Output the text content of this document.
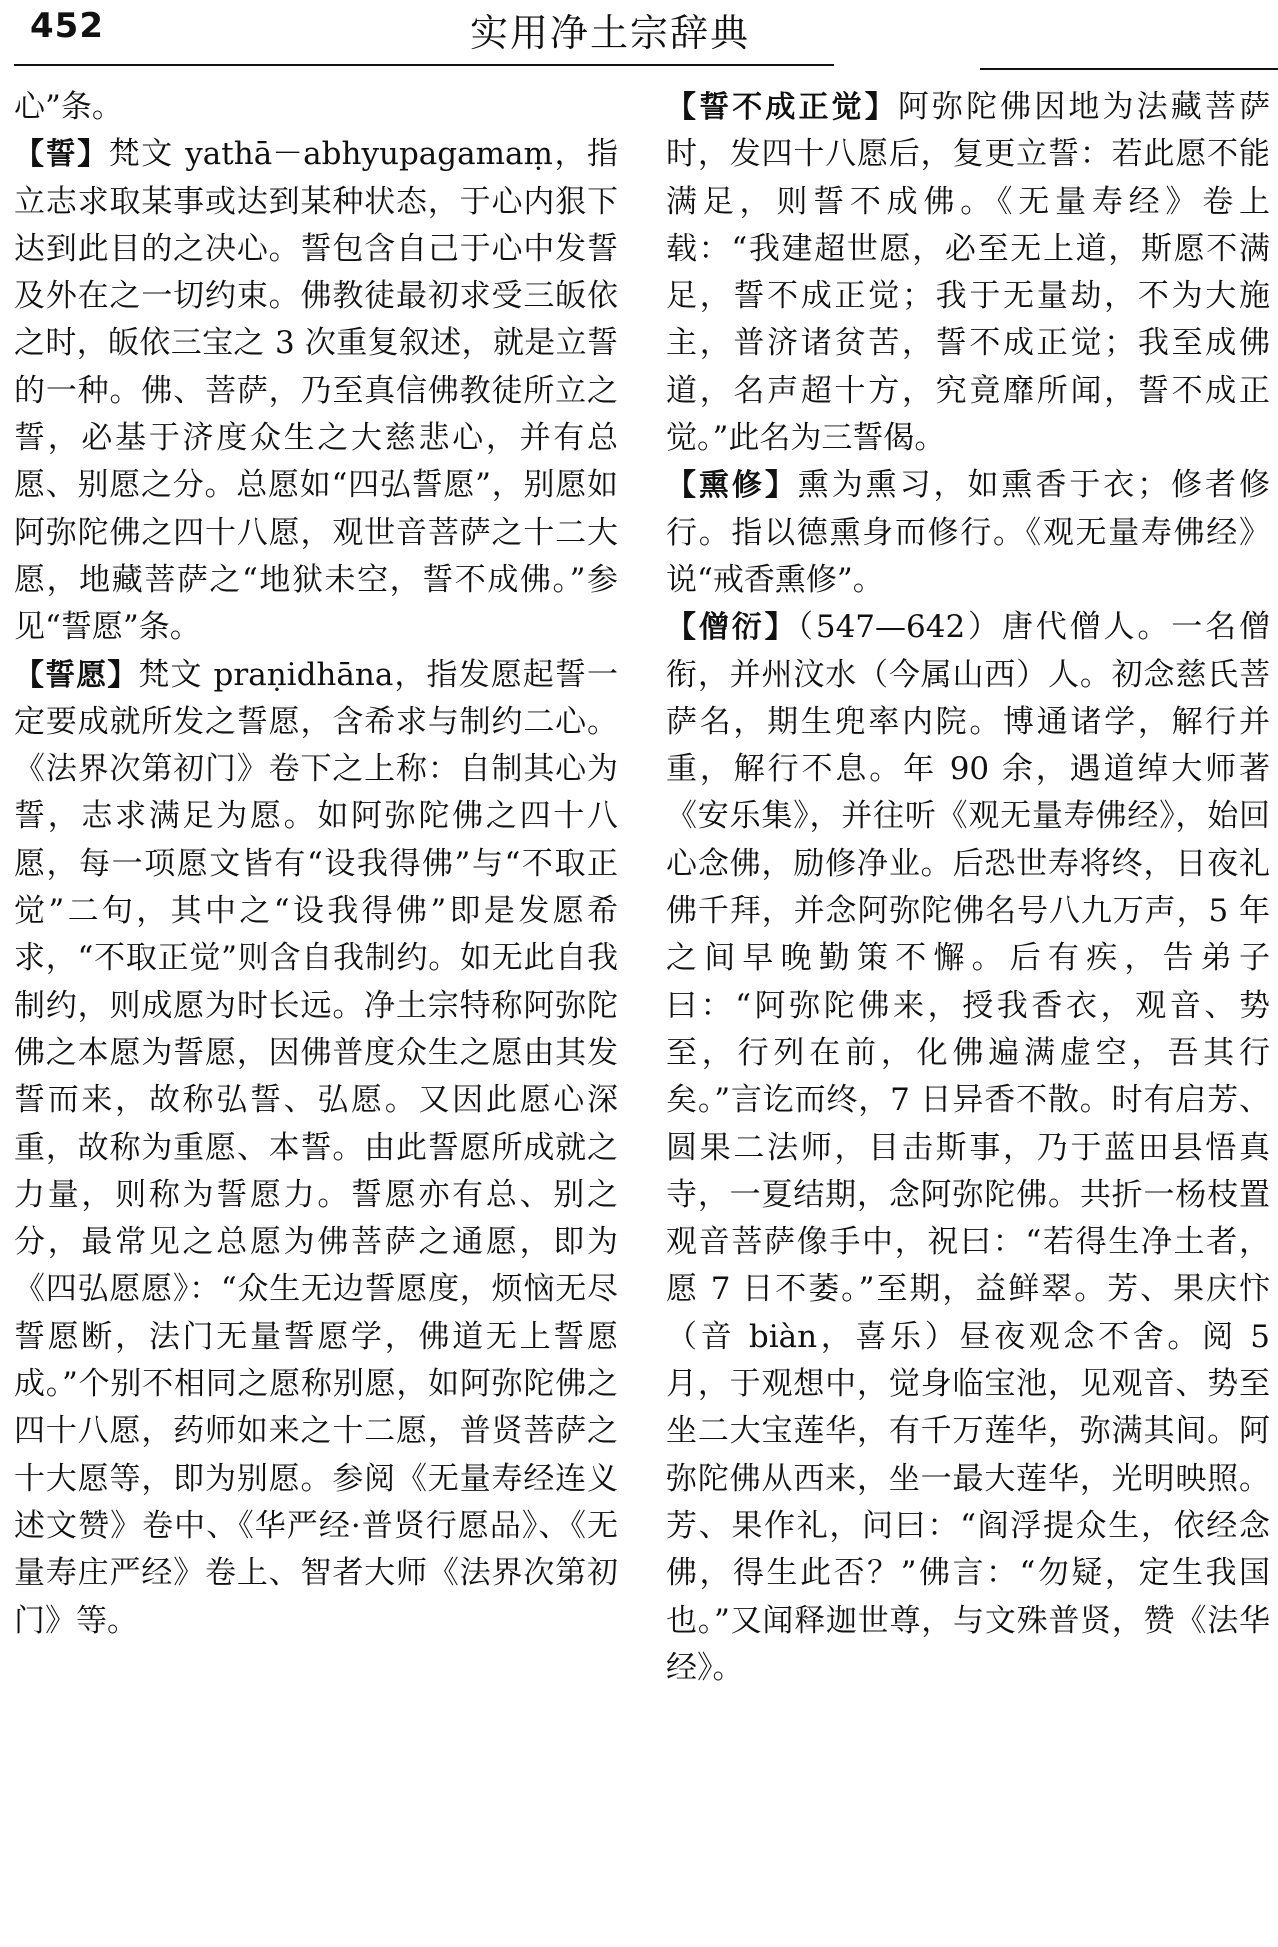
452	实用净土宗辞典

心”条。

【誓】梵文 yathā－abhyupagamaṃ，指立志求取某事或达到某种状态，于心内狠下达到此目的之决心。誓包含自己于心中发誓及外在之一切约束。佛教徒最初求受三皈依之时，皈依三宝之 3 次重复叙述，就是立誓的一种。佛、菩萨，乃至真信佛教徒所立之誓，必基于济度众生之大慈悲心，并有总愿、别愿之分。总愿如“四弘誓愿”，别愿如阿弥陀佛之四十八愿，观世音菩萨之十二大愿，地藏菩萨之“地狱未空，誓不成佛。”参见“誓愿”条。

【誓愿】梵文 praṇidhāna，指发愿起誓一定要成就所发之誓愿，含希求与制约二心。《法界次第初门》卷下之上称：自制其心为誓，志求满足为愿。如阿弥陀佛之四十八愿，每一项愿文皆有“设我得佛”与“不取正觉”二句，其中之“设我得佛”即是发愿希求，“不取正觉”则含自我制约。如无此自我制约，则成愿为时长远。净土宗特称阿弥陀佛之本愿为誓愿，因佛普度众生之愿由其发誓而来，故称弘誓、弘愿。又因此愿心深重，故称为重愿、本誓。由此誓愿所成就之力量，则称为誓愿力。誓愿亦有总、别之分，最常见之总愿为佛菩萨之通愿，即为《四弘愿愿》：“众生无边誓愿度，烦恼无尽誓愿断，法门无量誓愿学，佛道无上誓愿成。”个别不相同之愿称别愿，如阿弥陀佛之四十八愿，药师如来之十二愿，普贤菩萨之十大愿等，即为别愿。参阅《无量寿经连义述文赞》卷中、《华严经·普贤行愿品》、《无量寿庄严经》卷上、智者大师《法界次第初门》等。

【誓不成正觉】阿弥陀佛因地为法藏菩萨时，发四十八愿后，复更立誓：若此愿不能满足，则誓不成佛。《无量寿经》卷上载：“我建超世愿，必至无上道，斯愿不满足，誓不成正觉；我于无量劫，不为大施主，普济诸贫苦，誓不成正觉；我至成佛道，名声超十方，究竟靡所闻，誓不成正觉。”此名为三誓偈。

【熏修】熏为熏习，如熏香于衣；修者修行。指以德熏身而修行。《观无量寿佛经》说“戒香熏修”。

【僧衍】（547—642）唐代僧人。一名僧衔，并州汶水（今属山西）人。初念慈氏菩萨名，期生兜率内院。博通诸学，解行并重，解行不息。年 90 余，遇道绰大师著《安乐集》，并往听《观无量寿佛经》，始回心念佛，励修净业。后恐世寿将终，日夜礼佛千拜，并念阿弥陀佛名号八九万声，5 年之间早晚勤策不懈。后有疾，告弟子曰：“阿弥陀佛来，授我香衣，观音、势至，行列在前，化佛遍满虚空，吾其行矣。”言讫而终，7 日异香不散。时有启芳、圆果二法师，目击斯事，乃于蓝田县悟真寺，一夏结期，念阿弥陀佛。共折一杨枝置观音菩萨像手中，祝曰：“若得生净土者，愿 7 日不萎。”至期，益鲜翠。芳、果庆忭（音 biàn，喜乐）昼夜观念不舍。阅 5 月，于观想中，觉身临宝池，见观音、势至坐二大宝莲华，有千万莲华，弥满其间。阿弥陀佛从西来，坐一最大莲华，光明映照。芳、果作礼，问曰：“阎浮提众生，依经念佛，得生此否？”佛言：“勿疑，定生我国也。”又闻释迦世尊，与文殊普贤，赞《法华经》。
